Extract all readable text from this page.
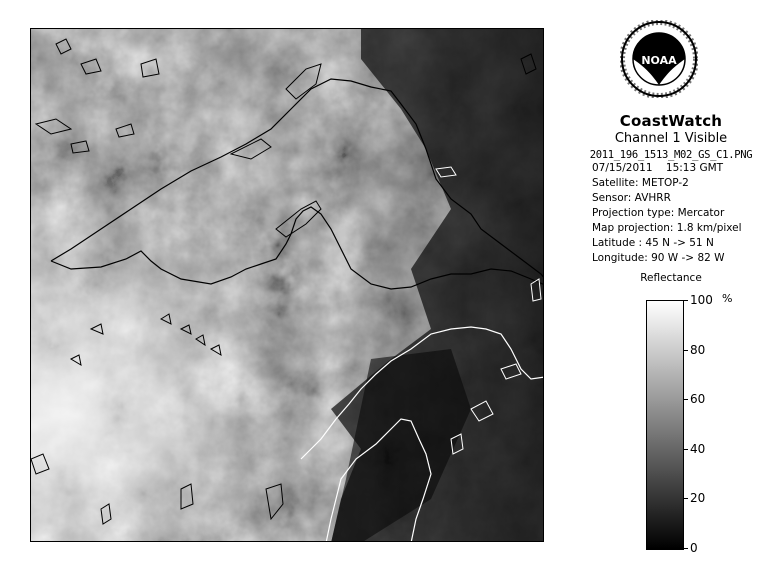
NOAA
CoastWatch
Channel 1 Visible
2011_196_1513_M02_GS_C1.PNG
07/15/2011 15:13 GMT
Satellite: METOP-2
Sensor: AVHRR
Projection type: Mercator
Map projection: 1.8 km/pixel
Latitude : 45 N -> 51 N
Longitude: 90 W -> 82 W
Reflectance
%
100
80
60
40
20
0
